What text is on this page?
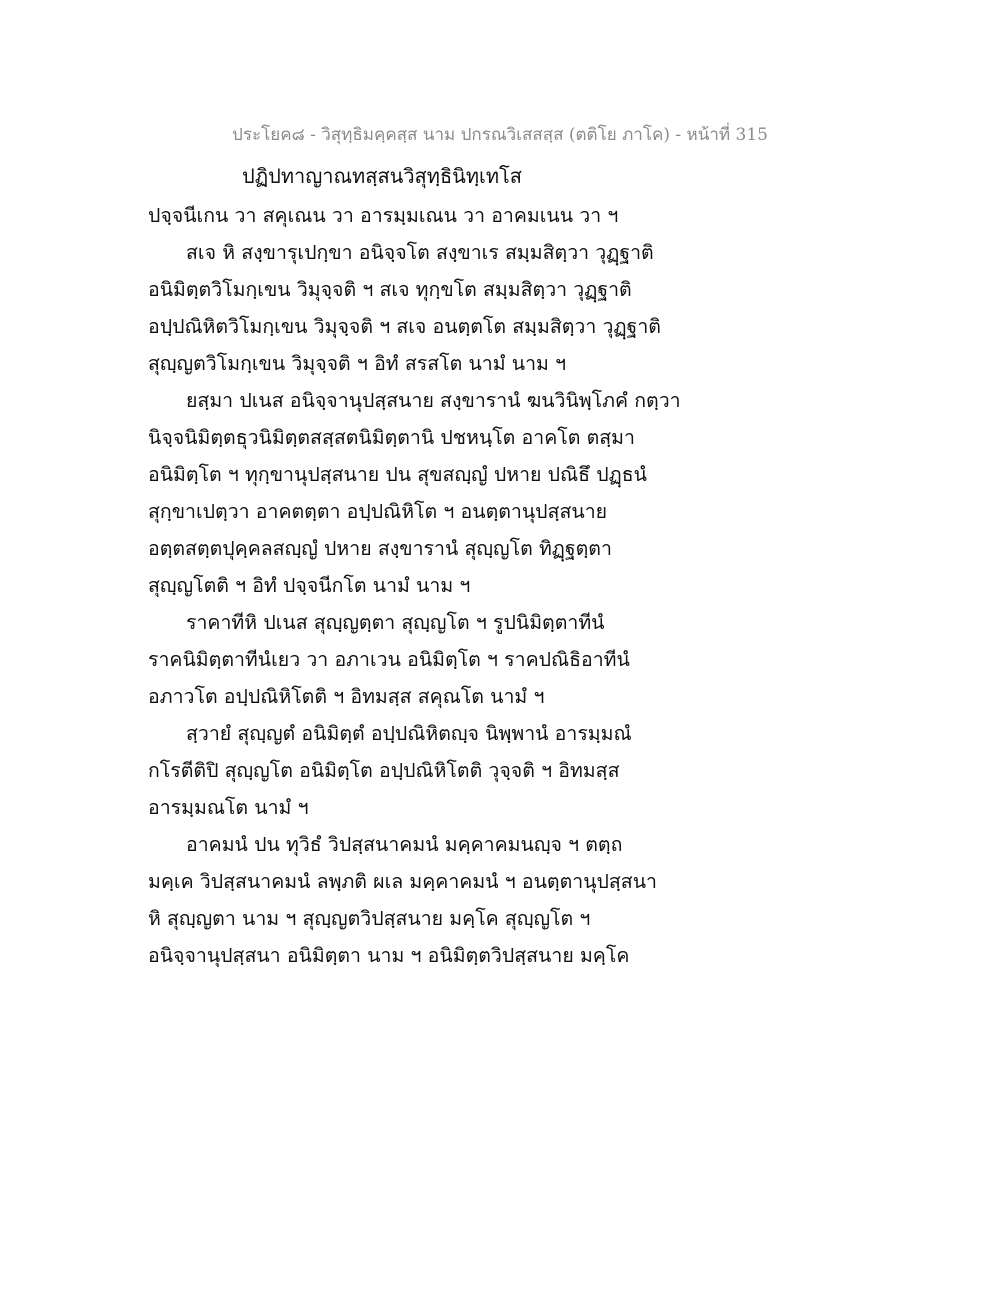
ประโยค๘ - วิสุทฺธิมคฺคสฺส นาม ปกรณวิเสสสฺส (ตติโย ภาโค) - หน้าที่ 315
ปฏิปทาญาณทสฺสนวิสุทฺธินิทฺเทโส
ปจฺจนีเกน วา สคุเณน วา อารมฺมเณน วา อาคมเนน วา ฯ
สเจ หิ สงฺขารุเปกฺขา อนิจฺจโต สงฺขาเร สมฺมสิตฺวา วุฏฺฐาติ
อนิมิตฺตวิโมกฺเขน วิมุจฺจติ ฯ สเจ ทุกฺขโต สมฺมสิตฺวา วุฏฺฐาติ
อปฺปณิหิตวิโมกฺเขน วิมุจฺจติ ฯ สเจ อนตฺตโต สมฺมสิตฺวา วุฏฺฐาติ
สุญฺญตวิโมกฺเขน วิมุจฺจติ ฯ อิทํ สรสโต นามํ นาม ฯ
ยสฺมา ปเนส อนิจฺจานุปสฺสนาย สงฺขารานํ ฆนวินิพฺโภคํ กตฺวา
นิจฺจนิมิตฺตธุวนิมิตฺตสสฺสตนิมิตฺตานิ ปชหนฺโต อาคโต ตสฺมา
อนิมิตฺโต ฯ ทุกฺขานุปสฺสนาย ปน สุขสญฺญํ ปหาย ปณิธึ ปฏฺธนํ
สุกฺขาเปตฺวา อาคตตฺตา อปฺปณิหิโต ฯ อนตฺตานุปสฺสนาย
อตฺตสตฺตปุคฺคลสญฺญํ ปหาย สงฺขารานํ สุญฺญโต ทิฏฺฐตฺตา
สุญฺญโตติ ฯ อิทํ ปจฺจนีกโต นามํ นาม ฯ
ราคาทีหิ ปเนส สุญฺญตฺตา สุญฺญโต ฯ รูปนิมิตฺตาทีนํ
ราคนิมิตฺตาทีนํเยว วา อภาเวน อนิมิตฺโต ฯ ราคปณิธิอาทีนํ
อภาวโต อปฺปณิหิโตติ ฯ อิทมสฺส สคุณโต นามํ ฯ
สฺวายํ สุญฺญตํ อนิมิตฺตํ อปฺปณิหิตญฺจ นิพฺพานํ อารมฺมณํ
กโรตีติปิ สุญฺญโต อนิมิตฺโต อปฺปณิหิโตติ วุจฺจติ ฯ อิทมสฺส
อารมฺมณโต นามํ ฯ
อาคมนํ ปน ทุวิธํ วิปสฺสนาคมนํ มคฺคาคมนญฺจ ฯ ตตฺถ
มคฺเค วิปสฺสนาคมนํ ลพฺภติ ผเล มคฺคาคมนํ ฯ อนตฺตานุปสฺสนา
หิ สุญฺญตา นาม ฯ สุญฺญตวิปสฺสนาย มคฺโค สุญฺญโต ฯ
อนิจฺจานุปสฺสนา อนิมิตฺตา นาม ฯ อนิมิตฺตวิปสฺสนาย มคฺโค
